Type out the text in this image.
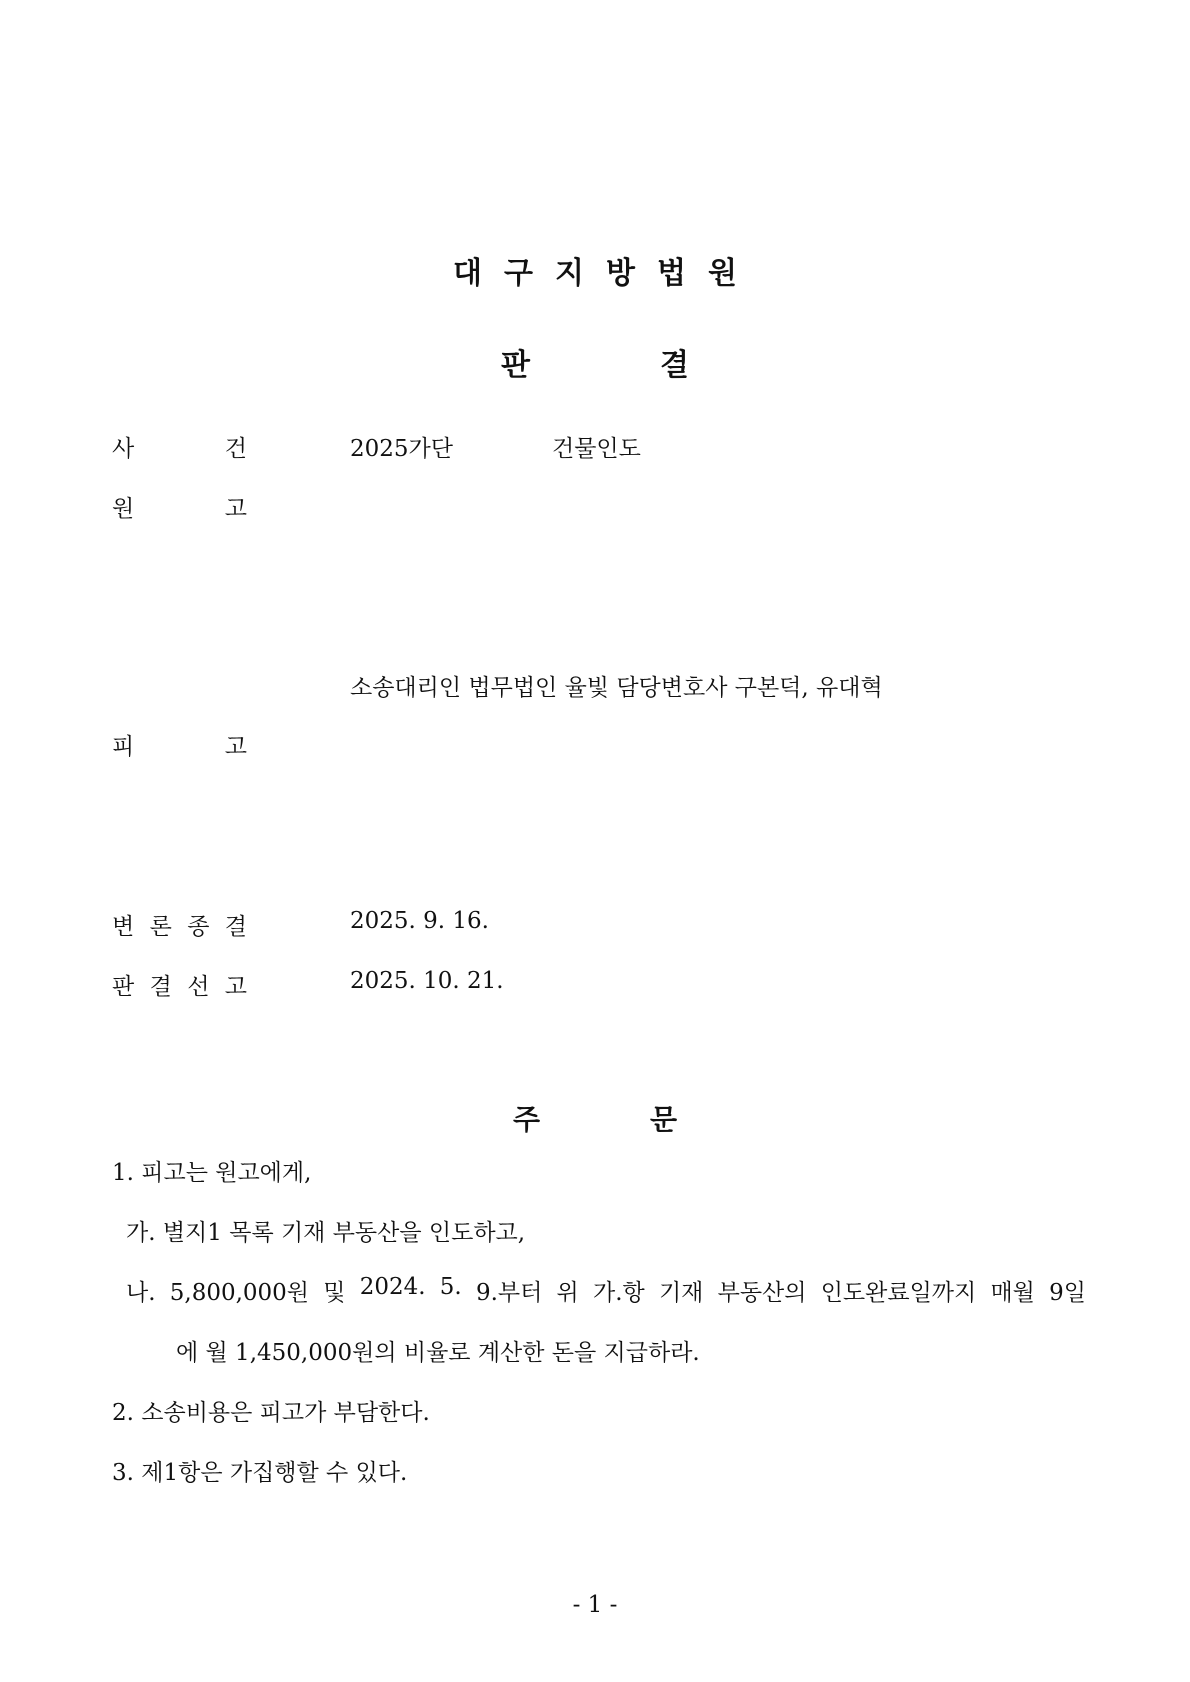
대구지방법원
판	결
사	건	2025가단	건물인도
원	고
소송대리인 법무법인 율빛 담당변호사 구본덕, 유대혁
피	고
변 론 종 결	2025. 9. 16.
판 결 선 고	2025. 10. 21.
주	문
1. 피고는 원고에게,
가. 별지1 목록 기재 부동산을 인도하고,
나. 5,800,000원 및 2024. 5. 9.부터 위 가.항 기재 부동산의 인도완료일까지 매월 9일
에 월 1,450,000원의 비율로 계산한 돈을 지급하라.
2. 소송비용은 피고가 부담한다.
3. 제1항은 가집행할 수 있다.
- 1 -
